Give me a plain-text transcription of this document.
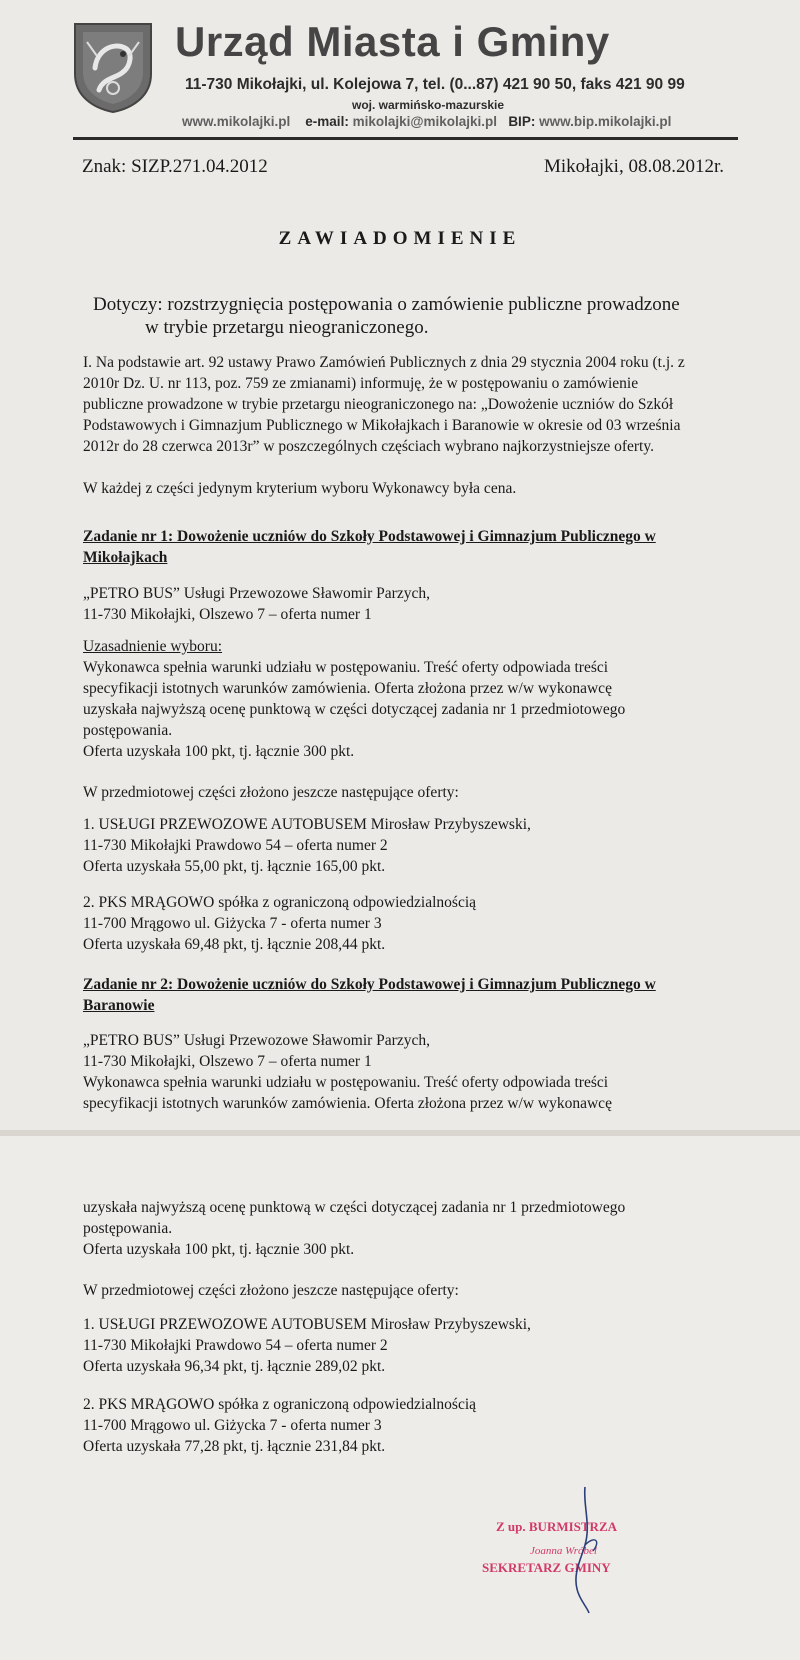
Urząd Miasta i Gminy
11-730 Mikołajki, ul. Kolejowa 7, tel. (0...87) 421 90 50, faks 421 90 99
woj. warmińsko-mazurskie
www.mikolajki.pl e-mail: mikolajki@mikolajki.pl BIP: www.bip.mikolajki.pl
Znak: SIZP.271.04.2012	Mikołajki, 08.08.2012r.
ZAWIADOMIENIE
Dotyczy: rozstrzygnięcia postępowania o zamówienie publiczne prowadzone
w trybie przetargu nieograniczonego.
I. Na podstawie art. 92 ustawy Prawo Zamówień Publicznych z dnia 29 stycznia 2004 roku (t.j. z
2010r Dz. U. nr 113, poz. 759 ze zmianami) informuję, że w postępowaniu o zamówienie
publiczne prowadzone w trybie przetargu nieograniczonego na: „Dowożenie uczniów do Szkół
Podstawowych i Gimnazjum Publicznego w Mikołajkach i Baranowie w okresie od 03 września
2012r do 28 czerwca 2013r” w poszczególnych częściach wybrano najkorzystniejsze oferty.
W każdej z części jedynym kryterium wyboru Wykonawcy była cena.
Zadanie nr 1: Dowożenie uczniów do Szkoły Podstawowej i Gimnazjum Publicznego w
Mikołajkach
„PETRO BUS” Usługi Przewozowe Sławomir Parzych,
11-730 Mikołajki, Olszewo 7 – oferta numer 1
Uzasadnienie wyboru:
Wykonawca spełnia warunki udziału w postępowaniu. Treść oferty odpowiada treści
specyfikacji istotnych warunków zamówienia. Oferta złożona przez w/w wykonawcę
uzyskała najwyższą ocenę punktową w części dotyczącej zadania nr 1 przedmiotowego
postępowania.
Oferta uzyskała 100 pkt, tj. łącznie 300 pkt.
W przedmiotowej części złożono jeszcze następujące oferty:
1. USŁUGI PRZEWOZOWE AUTOBUSEM Mirosław Przybyszewski,
11-730 Mikołajki Prawdowo 54 – oferta numer 2
Oferta uzyskała 55,00 pkt, tj. łącznie 165,00 pkt.
2. PKS MRĄGOWO spółka z ograniczoną odpowiedzialnością
11-700 Mrągowo ul. Giżycka 7 - oferta numer 3
Oferta uzyskała 69,48 pkt, tj. łącznie 208,44 pkt.
Zadanie nr 2: Dowożenie uczniów do Szkoły Podstawowej i Gimnazjum Publicznego w
Baranowie
„PETRO BUS” Usługi Przewozowe Sławomir Parzych,
11-730 Mikołajki, Olszewo 7 – oferta numer 1
Wykonawca spełnia warunki udziału w postępowaniu. Treść oferty odpowiada treści
specyfikacji istotnych warunków zamówienia. Oferta złożona przez w/w wykonawcę
uzyskała najwyższą ocenę punktową w części dotyczącej zadania nr 1 przedmiotowego
postępowania.
Oferta uzyskała 100 pkt, tj. łącznie 300 pkt.
W przedmiotowej części złożono jeszcze następujące oferty:
1. USŁUGI PRZEWOZOWE AUTOBUSEM Mirosław Przybyszewski,
11-730 Mikołajki Prawdowo 54 – oferta numer 2
Oferta uzyskała 96,34 pkt, tj. łącznie 289,02 pkt.
2. PKS MRĄGOWO spółka z ograniczoną odpowiedzialnością
11-700 Mrągowo ul. Giżycka 7 - oferta numer 3
Oferta uzyskała 77,28 pkt, tj. łącznie 231,84 pkt.
Z up. BURMISTRZA
Joanna Wróbel
SEKRETARZ GMINY
